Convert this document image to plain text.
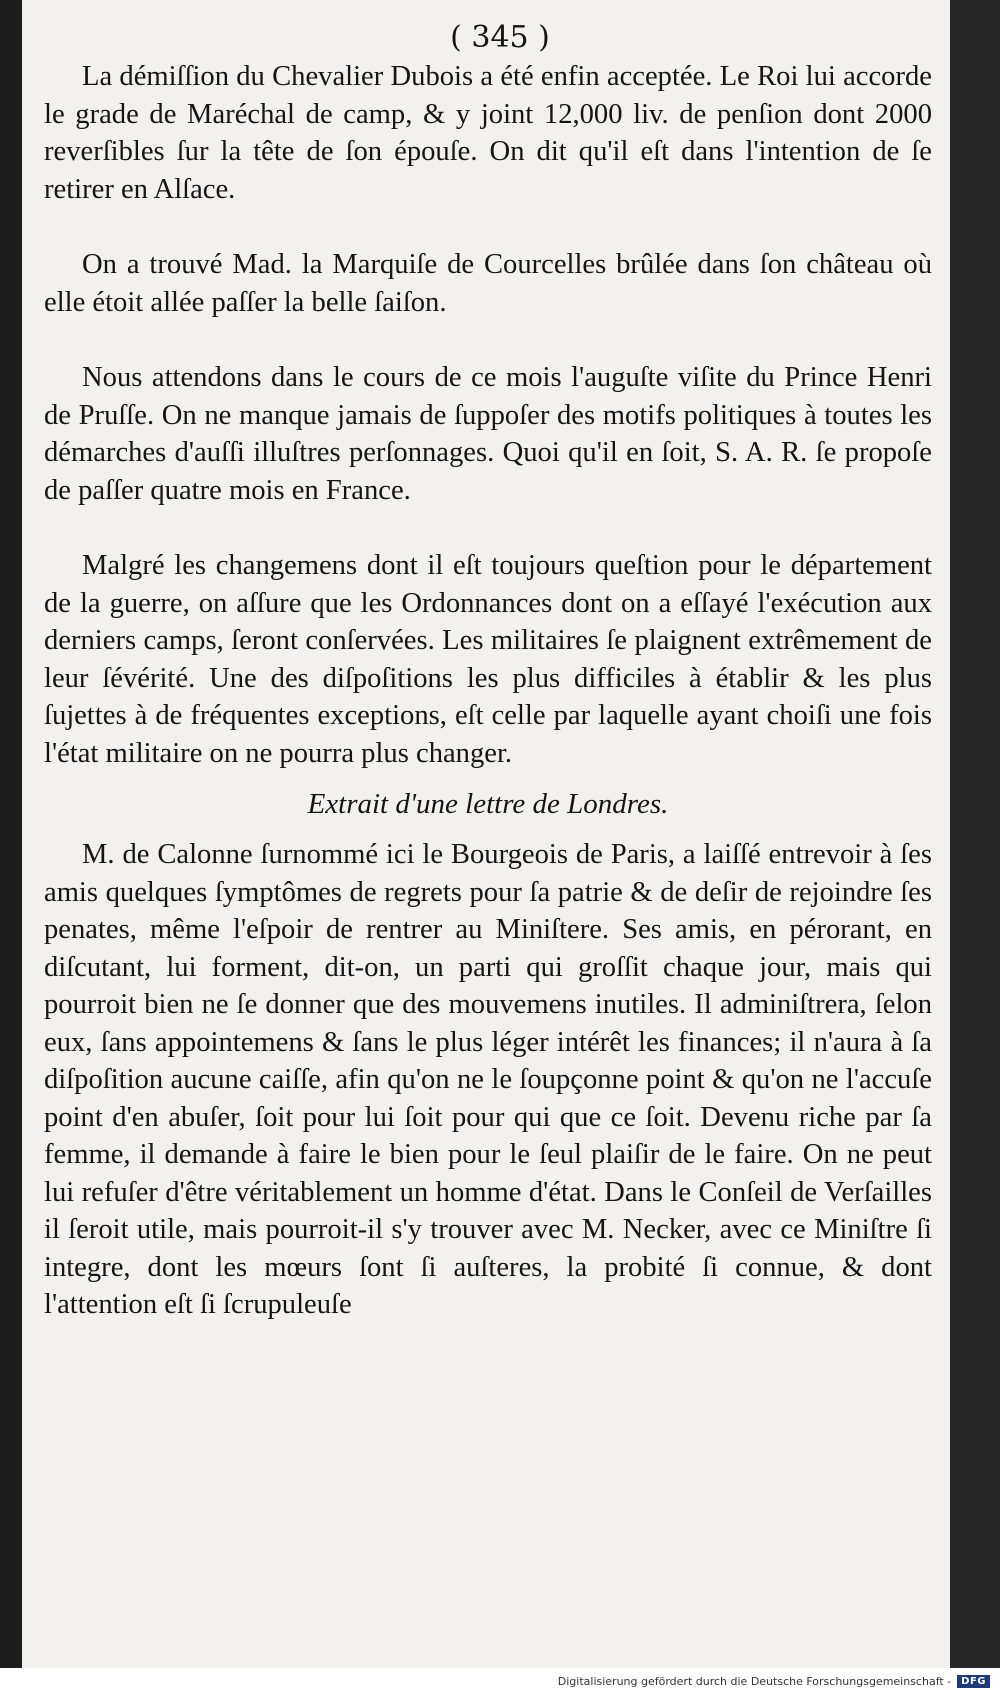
( 345 )

La démiſſion du Chevalier Dubois a été enfin acceptée. Le Roi lui accorde le grade de Maréchal de camp, & y joint 12,000 liv. de penſion dont 2000 reverſibles ſur la tête de ſon épouſe. On dit qu'il eſt dans l'intention de ſe retirer en Alſace.

On a trouvé Mad. la Marquiſe de Courcelles brûlée dans ſon château où elle étoit allée paſſer la belle ſaiſon.

Nous attendons dans le cours de ce mois l'auguſte viſite du Prince Henri de Pruſſe. On ne manque jamais de ſuppoſer des motifs politiques à toutes les démarches d'auſſi illuſtres perſonnages. Quoi qu'il en ſoit, S. A. R. ſe propoſe de paſſer quatre mois en France.

Malgré les changemens dont il eſt toujours queſtion pour le département de la guerre, on aſſure que les Ordonnances dont on a eſſayé l'exécution aux derniers camps, ſeront conſervées. Les militaires ſe plaignent extrêmement de leur ſévérité. Une des diſpoſitions les plus difficiles à établir & les plus ſujettes à de fréquentes exceptions, eſt celle par laquelle ayant choiſi une fois l'état militaire on ne pourra plus changer.

Extrait d'une lettre de Londres.

M. de Calonne ſurnommé ici le Bourgeois de Paris, a laiſſé entrevoir à ſes amis quelques ſymptômes de regrets pour ſa patrie & de deſir de rejoindre ſes penates, même l'eſpoir de rentrer au Miniſtere. Ses amis, en pérorant, en diſcutant, lui forment, dit-on, un parti qui groſſit chaque jour, mais qui pourroit bien ne ſe donner que des mouvemens inutiles. Il adminiſtrera, ſelon eux, ſans appointemens & ſans le plus léger intérêt les finances; il n'aura à ſa diſpoſition aucune caiſſe, afin qu'on ne le ſoupçonne point & qu'on ne l'accuſe point d'en abuſer, ſoit pour lui ſoit pour qui que ce ſoit. Devenu riche par ſa femme, il demande à faire le bien pour le ſeul plaiſir de le faire. On ne peut lui refuſer d'être véritablement un homme d'état. Dans le Conſeil de Verſailles il ſeroit utile, mais pourroit-il s'y trouver avec M. Necker, avec ce Miniſtre ſi integre, dont les mœurs ſont ſi auſteres, la probité ſi connue, & dont l'attention eſt ſi ſcrupuleuſe

Digitalisierung gefördert durch die Deutsche Forschungsgemeinschaft -	DFG
